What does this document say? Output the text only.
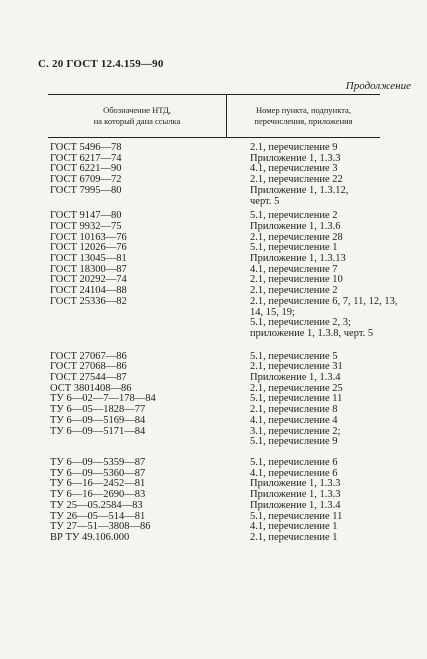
С. 20 ГОСТ 12.4.159—90
Продолжение
Обозначение НТД,
на который дана ссылка
Номер пункта, подпункта,
перечисления, приложения
ГОСТ 5496—78	2.1, перечисление 9
ГОСТ 6217—74	Приложение 1, 1.3.3
ГОСТ 6221—90	4.1, перечисление 3
ГОСТ 6709—72	2.1, перечисление 22
ГОСТ 7995—80	Приложение 1, 1.3.12,
черт. 5
ГОСТ 9147—80	5.1, перечисление 2
ГОСТ 9932—75	Приложение 1, 1.3.6
ГОСТ 10163—76	2.1, перечисление 28
ГОСТ 12026—76	5.1, перечисление 1
ГОСТ 13045—81	Приложение 1, 1.3.13
ГОСТ 18300—87	4.1, перечисление 7
ГОСТ 20292—74	2.1, перечисление 10
ГОСТ 24104—88	2.1, перечисление 2
ГОСТ 25336—82	2.1, перечисление 6, 7, 11, 12, 13,
14, 15, 19;
5.1, перечисление 2, 3;
приложение 1, 1.3.8, черт. 5
ГОСТ 27067—86	5.1, перечисление 5
ГОСТ 27068—86	2.1, перечисление 31
ГОСТ 27544—87	Приложение 1, 1.3.4
ОСТ 3801408—86	2.1, перечисление 25
ТУ 6—02—7—178—84	5.1, перечисление 11
ТУ 6—05—1828—77	2.1, перечисление 8
ТУ 6—09—5169—84	4.1, перечисление 4
ТУ 6—09—5171—84	3.1, перечисление 2;
5.1, перечисление 9
ТУ 6—09—5359—87	5.1, перечисление 6
ТУ 6—09—5360—87	4.1, перечисление 6
ТУ 6—16—2452—81	Приложение 1, 1.3.3
ТУ 6—16—2690—83	Приложение 1, 1.3.3
ТУ 25—05.2584—83	Приложение 1, 1.3.4
ТУ 26—05—514—81	5.1, перечисление 11
ТУ 27—51—3808—86	4.1, перечисление 1
ВР ТУ 49.106.000	2.1, перечисление 1
